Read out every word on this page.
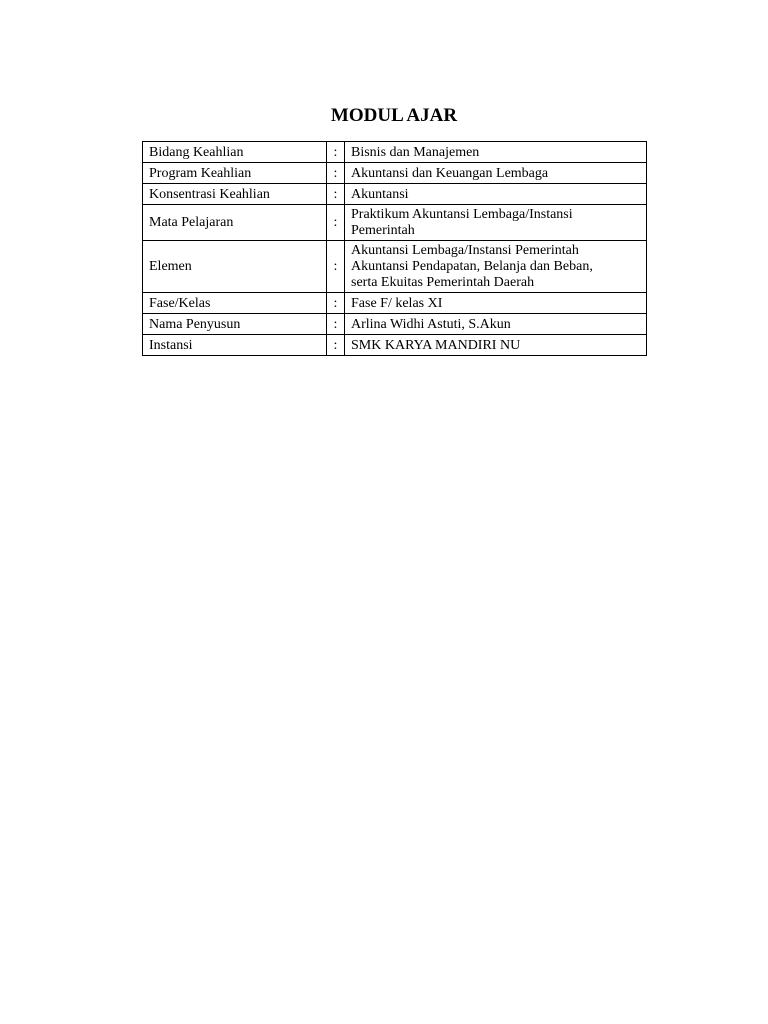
MODUL AJAR
Bidang Keahlian	:	Bisnis dan Manajemen

Program Keahlian	:	Akuntansi dan Keuangan Lembaga

Konsentrasi Keahlian	:	Akuntansi

Mata Pelajaran	:	Praktikum Akuntansi Lembaga/Instansi
Pemerintah

Elemen	:	Akuntansi Lembaga/Instansi Pemerintah
Akuntansi Pendapatan, Belanja dan Beban,
serta Ekuitas Pemerintah Daerah

Fase/Kelas	:	Fase F/ kelas XI

Nama Penyusun	:	Arlina Widhi Astuti, S.Akun

Instansi	:	SMK KARYA MANDIRI NU
